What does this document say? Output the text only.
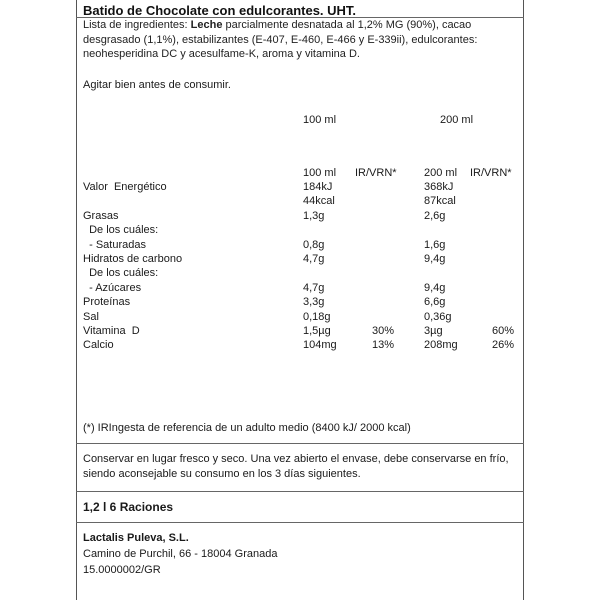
Batido de Chocolate con edulcorantes. UHT.
Lista de ingredientes: Leche parcialmente desnatada al 1,2% MG (90%), cacao desgrasado (1,1%), estabilizantes (E-407, E-460, E-466 y E-339ii), edulcorantes: neohesperidina DC y acesulfame-K, aroma y vitamina D.
Agitar bien antes de consumir.
100 ml	200 ml
100 ml IR/VRN* 200 ml IR/VRN*
Valor  Energético	184kJ	368kJ
44kcal	87kcal
Grasas	1,3g	2,6g
De los cuáles:
- Saturadas	0,8g	1,6g
Hidratos de carbono	4,7g	9,4g
De los cuáles:
- Azúcares	4,7g	9,4g
Proteínas	3,3g	6,6g
Sal	0,18g	0,36g
Vitamina  D	1,5µg	30%	3µg	60%
Calcio	104mg	13%	208mg	26%
(*) IRIngesta de referencia de un adulto medio (8400 kJ/ 2000 kcal)
Conservar en lugar fresco y seco. Una vez abierto el envase, debe conservarse en frío, siendo aconsejable su consumo en los 3 días siguientes.
1,2 l 6 Raciones
Lactalis Puleva, S.L.
Camino de Purchil, 66 - 18004 Granada
15.0000002/GR
